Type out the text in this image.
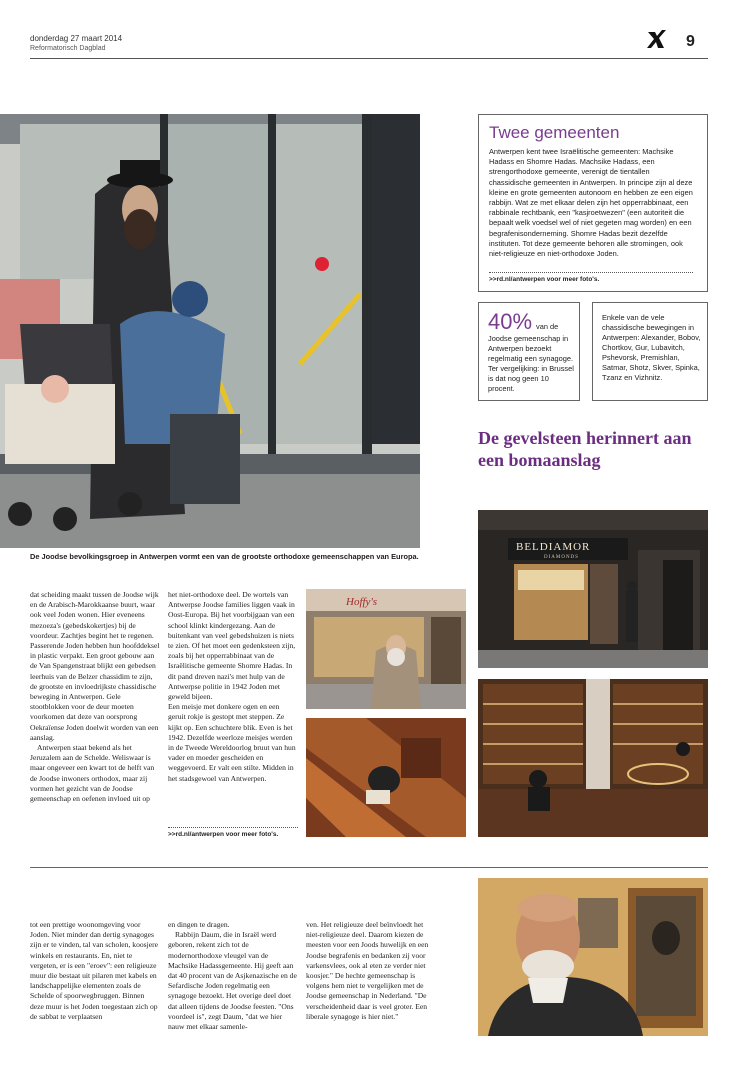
donderdag 27 maart 2014
Reformatorisch Dagblad	9
De Joodse bevolkingsgroep in Antwerpen vormt een van de grootste orthodoxe gemeenschappen van Europa.
Twee gemeenten
Antwerpen kent twee Israëlitische gemeenten: Machsike Hadass en Shomre Hadas. Machsike Hadass, een strengorthodoxe gemeente, verenigt de tientallen chassidische gemeenten in Antwerpen. In principe zijn al deze kleine en grote gemeenten autonoom en hebben ze een eigen rabbijn. Wat ze met elkaar delen zijn het opperrabbinaat, een rabbinale rechtbank, een "kasjroetwezen" (een autoriteit die bepaalt welk voedsel wel of niet gegeten mag worden) en een begrafenisonderneming. Shomre Hadas bezit dezelfde instituten. Tot deze gemeente behoren alle stromingen, ook niet-religieuze en niet-orthodoxe Joden.
>>rd.nl/antwerpen voor meer foto's.
40% van de
Joodse gemeenschap in Antwerpen bezoekt regelmatig een synagoge. Ter vergelijking: in Brussel is dat nog geen 10 procent.
Enkele van de vele chassidische bewegingen in Antwerpen: Alexander, Bobov, Chortkov, Gur, Lubavitch, Pshevorsk, Premishlan, Satmar, Shotz, Skver, Spinka, Tzanz en Vizhnitz.
De gevelsteen herinnert aan een bomaanslag
BELDIAMOR
DIAMONDS
Hoffy's

dat scheiding maakt tussen de Joodse wijk en de Arabisch-Marokkaanse buurt, waar ook veel Joden wonen. Hier eveneens mezoeza's (gebedskokertjes) bij de voordeur. Zachtjes begint het te regenen. Passerende Joden hebben hun hoofddeksel in plastic verpakt. Een groot gebouw aan de Van Spangenstraat blijkt een gebedsen leerhuis van de Belzer chassidim te zijn, de grootste en invloedrijkste chassidische beweging in Antwerpen. Gele stootblokken voor de deur moeten voorkomen dat deze van oorsprong Oekraïense Joden doelwit worden van een aanslag.

Antwerpen staat bekend als het Jeruzalem aan de Schelde. Weliswaar is maar ongeveer een kwart tot de helft van de Joodse inwoners orthodox, maar zij vormen het gezicht van de Joodse gemeenschap en oefenen invloed uit op

het niet-orthodoxe deel. De wortels van Antwerpse Joodse families liggen vaak in Oost-Europa. Bij het voorbijgaan van een school klinkt kindergezang. Aan de buitenkant van veel gebedshuizen is niets te zien. Of het moet een gedenksteen zijn, zoals bij het opperrabbinaat van de Israëlitische gemeente Shomre Hadas. In dit pand dreven nazi's met hulp van de Antwerpse politie in 1942 Joden met geweld bijeen.

Een meisje met donkere ogen en een geruit rokje is gestopt met steppen. Ze kijkt op. Een schuchtere blik. Even is het 1942. Dezelfde weerloze meisjes werden in de Tweede Wereldoorlog bruut van hun vader en moeder gescheiden en weggevoerd. Er valt een stilte. Midden in het stadsgewoel van Antwerpen.

>>rd.nl/antwerpen voor meer foto's.

tot een prettige woonomgeving voor Joden. Niet minder dan dertig synagoges zijn er te vinden, tal van scholen, koosjere winkels en restaurants. En, niet te vergeten, er is een "eroev": een religieuze muur die bestaat uit pilaren met kabels en landschappelijke elementen zoals de Schelde of spoorwegbruggen. Binnen deze muur is het Joden toegestaan zich op de sabbat te verplaatsen

en dingen te dragen.

Rabbijn Daum, die in Israël werd geboren, rekent zich tot de modernorthodoxe vleugel van de Machsike Hadassgemeente. Hij geeft aan dat 40 procent van de Asjkenazische en de Sefardische Joden regelmatig een synagoge bezoekt. Het overige deel doet dat alleen tijdens de Joodse feesten. "Ons voordeel is", zegt Daum, "dat we hier nauw met elkaar samenle-

ven. Het religieuze deel beïnvloedt het niet-religieuze deel. Daarom kiezen de meesten voor een Joods huwelijk en een Joodse begrafenis en bedanken zij voor varkensvlees, ook al eten ze verder niet koosjer." De hechte gemeenschap is volgens hem niet te vergelijken met de Joodse gemeenschap in Nederland. "De verscheidenheid daar is veel groter. Een liberale synagoge is hier niet."
